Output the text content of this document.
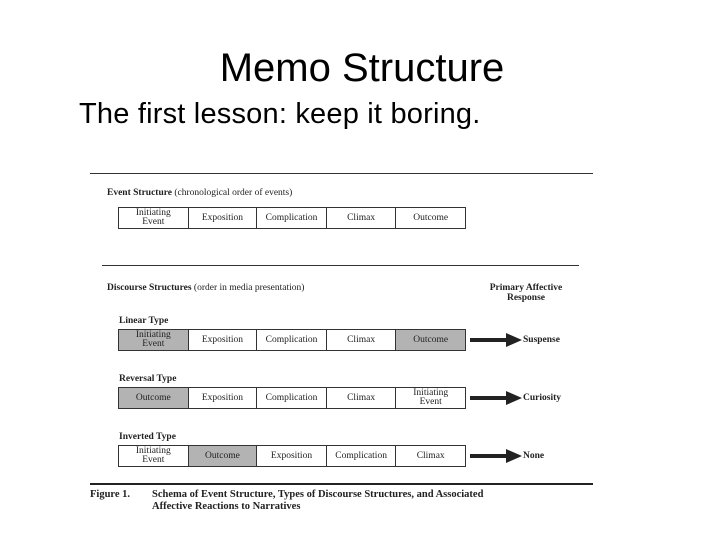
Memo Structure
The first lesson: keep it boring.
Event Structure (chronological order of events)
Initiating
Event	Exposition	Complication	Climax	Outcome
Discourse Structures (order in media presentation)	Primary Affective
Response
Linear Type
Initiating
Event	Exposition	Complication	Climax	Outcome	Suspense
Reversal Type
Outcome	Exposition	Complication	Climax	Initiating
Event	Curiosity
Inverted Type
Initiating
Event	Outcome	Exposition	Complication	Climax	None
Figure 1. Schema of Event Structure, Types of Discourse Structures, and Associated
Affective Reactions to Narratives
